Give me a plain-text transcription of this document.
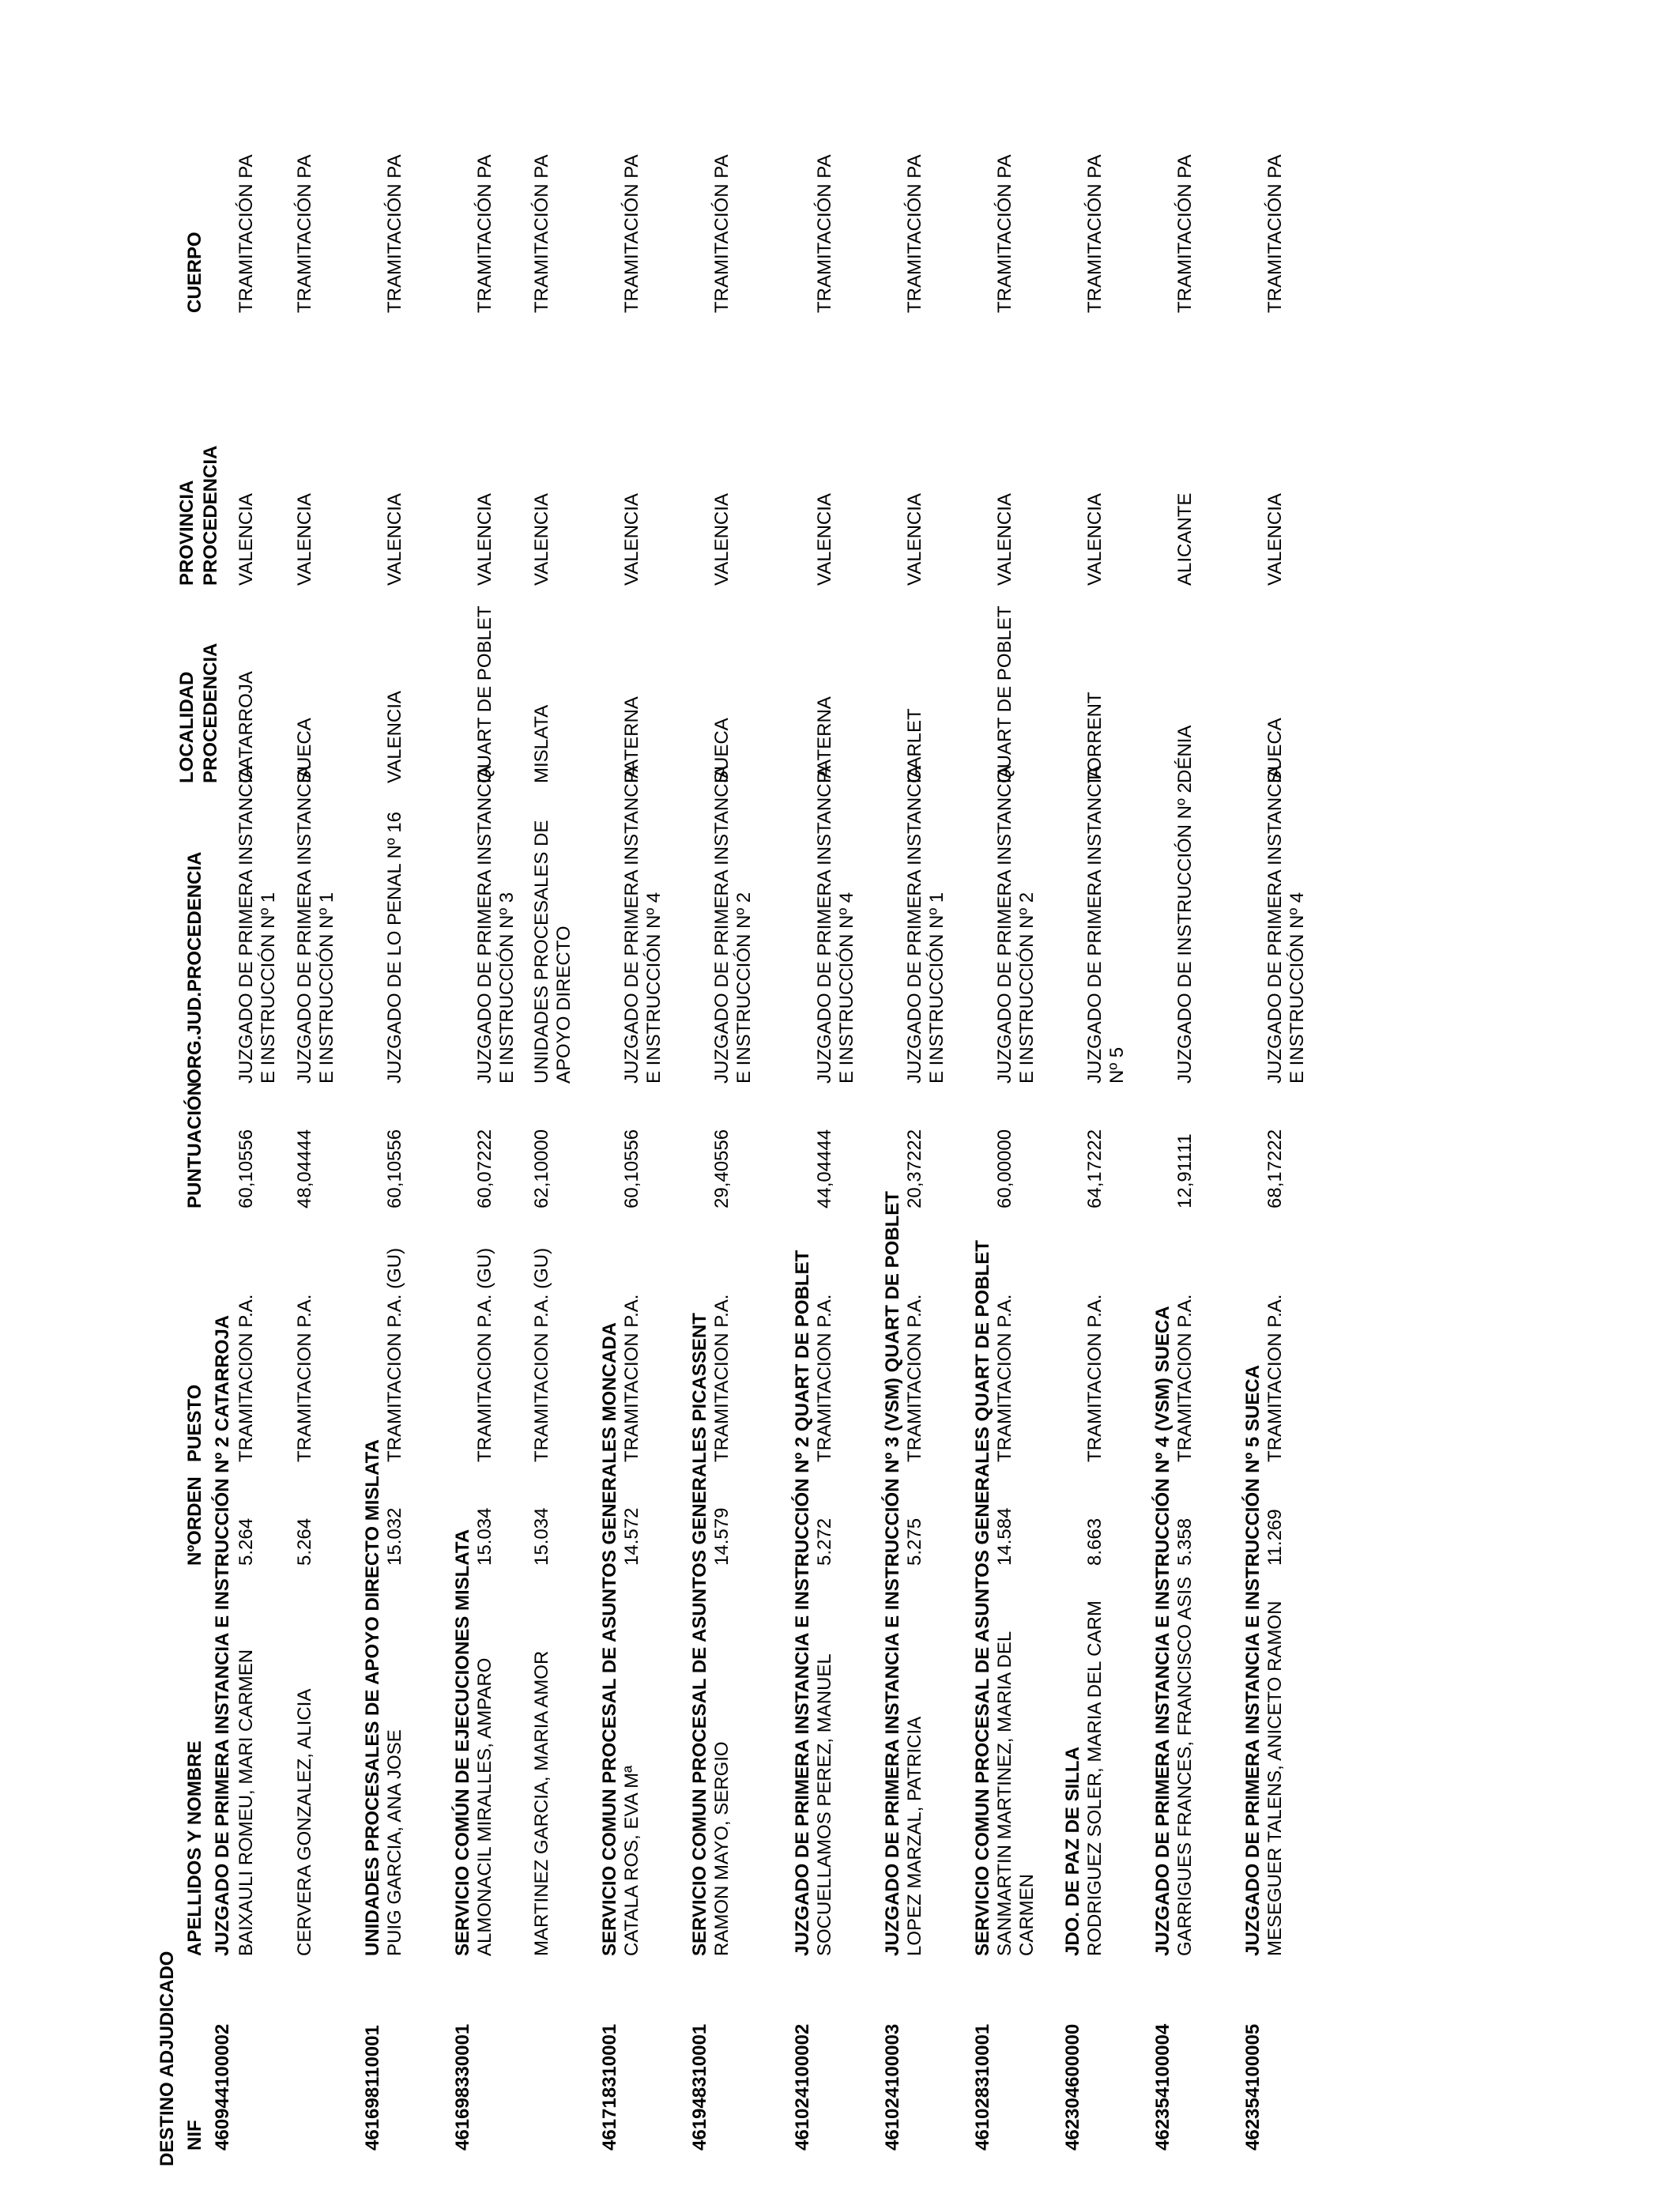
DESTINO ADJUDICADO NIF
APELLIDOS Y NOMBRE
NºORDEN
PUESTO
PUNTUACIÓN
ORG.JUD.PROCEDENCIA
LOCALIDAD
PROCEDENCIA
PROVINCIA
PROCEDENCIA
CUERPO
460944100002JUZGADO DE PRIMERA INSTANCIA E INSTRUCCIÓN Nº 2 CATARROJA BAIXAULI ROMEU, MARI CARMEN
5.264
TRAMITACION P.A.
60,10556
JUZGADO DE PRIMERA INSTANCIA E INSTRUCCIÓN Nº 1
CATARROJA
VALENCIA
TRAMITACIÓN PA
CERVERA GONZALEZ, ALICIA
5.264
TRAMITACION P.A.
48,04444
JUZGADO DE PRIMERA INSTANCIA E INSTRUCCIÓN Nº 1
SUECA
VALENCIA
TRAMITACIÓN PA
461698110001UNIDADES PROCESALES DE APOYO DIRECTO MISLATA PUIG GARCIA, ANA JOSE
15.032
TRAMITACION P.A. (GU)
60,10556
JUZGADO DE LO PENAL Nº 16
VALENCIA
VALENCIA
TRAMITACIÓN PA
461698330001SERVICIO COMÚN DE EJECUCIONES MISLATA ALMONACIL MIRALLES, AMPARO
15.034
TRAMITACION P.A. (GU)
60,07222
JUZGADO DE PRIMERA INSTANCIA E INSTRUCCIÓN Nº 3
QUART DE POBLET
VALENCIA
TRAMITACIÓN PA
MARTINEZ GARCIA, MARIA AMOR
15.034
TRAMITACION P.A. (GU)
62,10000
UNIDADES PROCESALES DE APOYO DIRECTO
MISLATA
VALENCIA
TRAMITACIÓN PA
461718310001SERVICIO COMUN PROCESAL DE ASUNTOS GENERALES MONCADA CATALA ROS, EVA Mª
14.572
TRAMITACION P.A.
60,10556
JUZGADO DE PRIMERA INSTANCIA E INSTRUCCIÓN Nº 4
PATERNA
VALENCIA
TRAMITACIÓN PA
461948310001SERVICIO COMUN PROCESAL DE ASUNTOS GENERALES PICASSENT RAMON MAYO, SERGIO
14.579
TRAMITACION P.A.
29,40556
JUZGADO DE PRIMERA INSTANCIA E INSTRUCCIÓN Nº 2
SUECA
VALENCIA
TRAMITACIÓN PA
461024100002JUZGADO DE PRIMERA INSTANCIA E INSTRUCCIÓN Nº 2 QUART DE POBLET SOCUELLAMOS PEREZ, MANUEL
5.272
TRAMITACION P.A.
44,04444
JUZGADO DE PRIMERA INSTANCIA E INSTRUCCIÓN Nº 4
PATERNA
VALENCIA
TRAMITACIÓN PA
461024100003JUZGADO DE PRIMERA INSTANCIA E INSTRUCCIÓN Nº 3 (VSM) QUART DE POBLET LOPEZ MARZAL, PATRICIA
5.275
TRAMITACION P.A.
20,37222
JUZGADO DE PRIMERA INSTANCIA E INSTRUCCIÓN Nº 1
CARLET
VALENCIA
TRAMITACIÓN PA
461028310001SERVICIO COMUN PROCESAL DE ASUNTOS GENERALES QUART DE POBLET SANMARTIN MARTINEZ, MARIA DEL CARMEN
14.584
TRAMITACION P.A.
60,00000
JUZGADO DE PRIMERA INSTANCIA E INSTRUCCIÓN Nº 2
QUART DE POBLET
VALENCIA
TRAMITACIÓN PA
462304600000JDO. DE PAZ DE SILLA RODRIGUEZ SOLER, MARIA DEL CARM
8.663
TRAMITACION P.A.
64,17222
JUZGADO DE PRIMERA INSTANCIA Nº 5
TORRENT
VALENCIA
TRAMITACIÓN PA
462354100004JUZGADO DE PRIMERA INSTANCIA E INSTRUCCIÓN Nº 4 (VSM) SUECA GARRIGUES FRANCES, FRANCISCO ASIS
5.358
TRAMITACION P.A.
12,91111
JUZGADO DE INSTRUCCIÓN Nº 2
DÉNIA
ALICANTE
TRAMITACIÓN PA
462354100005JUZGADO DE PRIMERA INSTANCIA E INSTRUCCIÓN Nº 5 SUECA MESEGUER TALENS, ANICETO RAMON
11.269
TRAMITACION P.A.
68,17222
JUZGADO DE PRIMERA INSTANCIA E INSTRUCCIÓN Nº 4
SUECA
VALENCIA
TRAMITACIÓN PA
